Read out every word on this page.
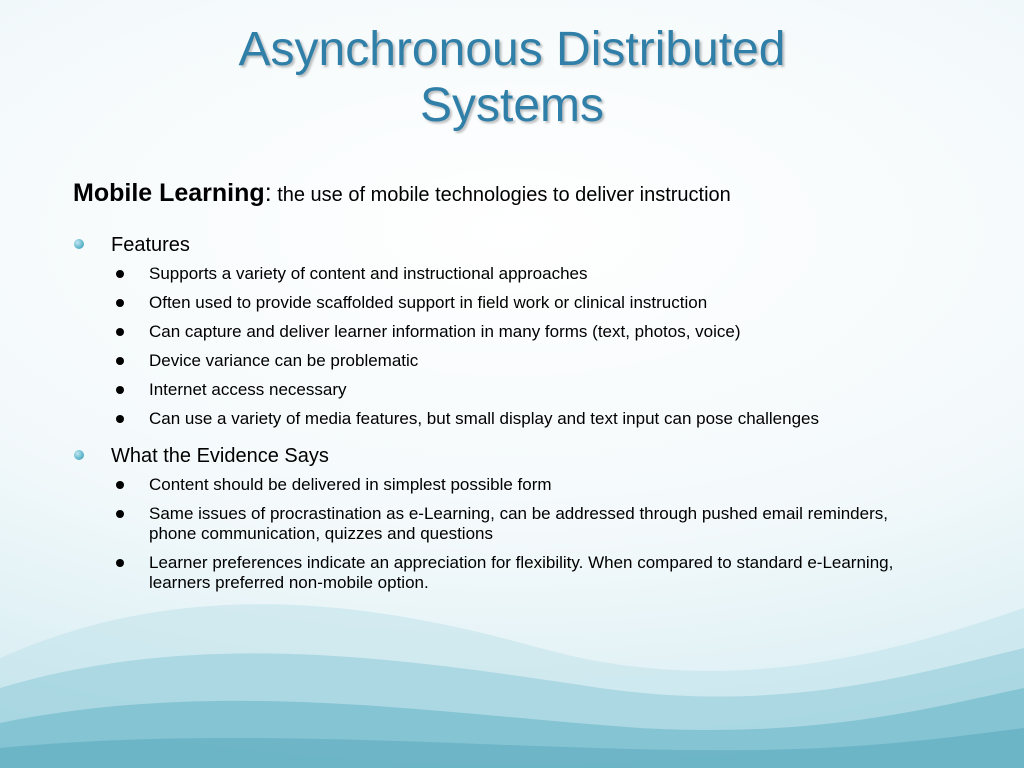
Asynchronous Distributed
Systems
Mobile Learning: the use of mobile technologies to deliver instruction
Features
Supports a variety of content and instructional approaches
Often used to provide scaffolded support in field work or clinical instruction
Can capture and deliver learner information in many forms (text, photos, voice)
Device variance can be problematic
Internet access necessary
Can use a variety of media features, but small display and text input can pose challenges
What the Evidence Says
Content should be delivered in simplest possible form
Same issues of procrastination as e-Learning, can be addressed through pushed email reminders, phone communication, quizzes and questions
Learner preferences indicate an appreciation for flexibility. When compared to standard e-Learning, learners preferred non-mobile option.
